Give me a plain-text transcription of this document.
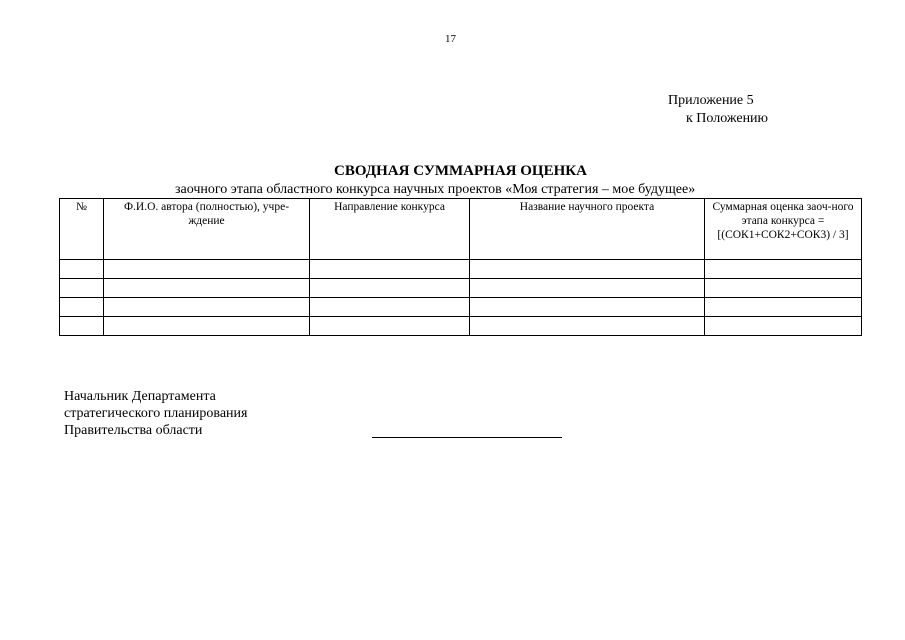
17
Приложение 5
к Положению
СВОДНАЯ СУММАРНАЯ ОЦЕНКА
заочного этапа областного конкурса научных проектов «Моя стратегия – мое будущее»
№	Ф.И.О. автора (полностью), учре-ждение	Направление конкурса	Название научного проекта	Суммарная оценка заоч-ного этапа конкурса = [(СОК1+СОК2+СОК3) / 3]

Начальник Департамента
стратегического планирования
Правительства области
